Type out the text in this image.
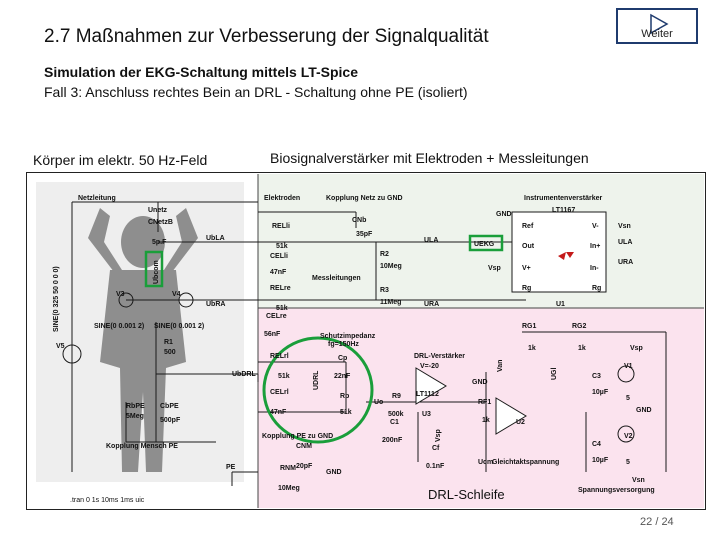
2.7 Maßnahmen zur Verbesserung der Signalqualität	Weiter
Simulation der EKG-Schaltung mittels LT-Spice
Fall 3: Anschluss rechtes Bein an DRL - Schaltung ohne PE (isoliert)
Körper im elektr. 50 Hz-Feld	Biosignalverstärker mit Elektroden + Messleitungen
Netzleitung
Unetz
CNetzB
5p.F
UbLA
Ubcom
SINE(0 325 50 0 0 0)
V5
V3	V4
UbRA
SINE(0 0.001 2) SINE(0 0.001 2)
R1
500
UbDRL
RbPE
5Meg
CbPE
500pF
Kopplung Mensch PE
PE
.tran 0 1s 10ms 1ms uic
Elektroden	Kopplung Netz zu GND
CNb
35pF
RELli
51k
CELli
47nF
ULA
R2
10Meg
Messleitungen
RELre
51k
CELre
56nF
R3
11Meg	URA
Instrumentenverstärker
LT1167
GND
Ref
Out
UEKG
V-	Vsn
In+
In-
Vsp	V+
Rg
U1
Rg
URA
ULA
RG1
1k
RG2
1k
Schutzimpedanz
fg=150Hz
RELrl
51k
CELrl
47nF
UDRL
Cp
22nF
Rp
51k
DRL-Verstärker
V=-20
GND
R9
500k
LT1112
C1
200nF
RF1
1k	U2
U3
Uo
Ucm
Vsp
Van
UGl
Kopplung PE zu GND
CNM
RNM
10Meg
20pF
GND
Cf
0.1nF
Gleichtaktspannung
Vsp
V1
5
C3
10µF
GND
V2
5
C4
10µF
Vsn
Spannungsversorgung
DRL-Schleife
22 / 24
